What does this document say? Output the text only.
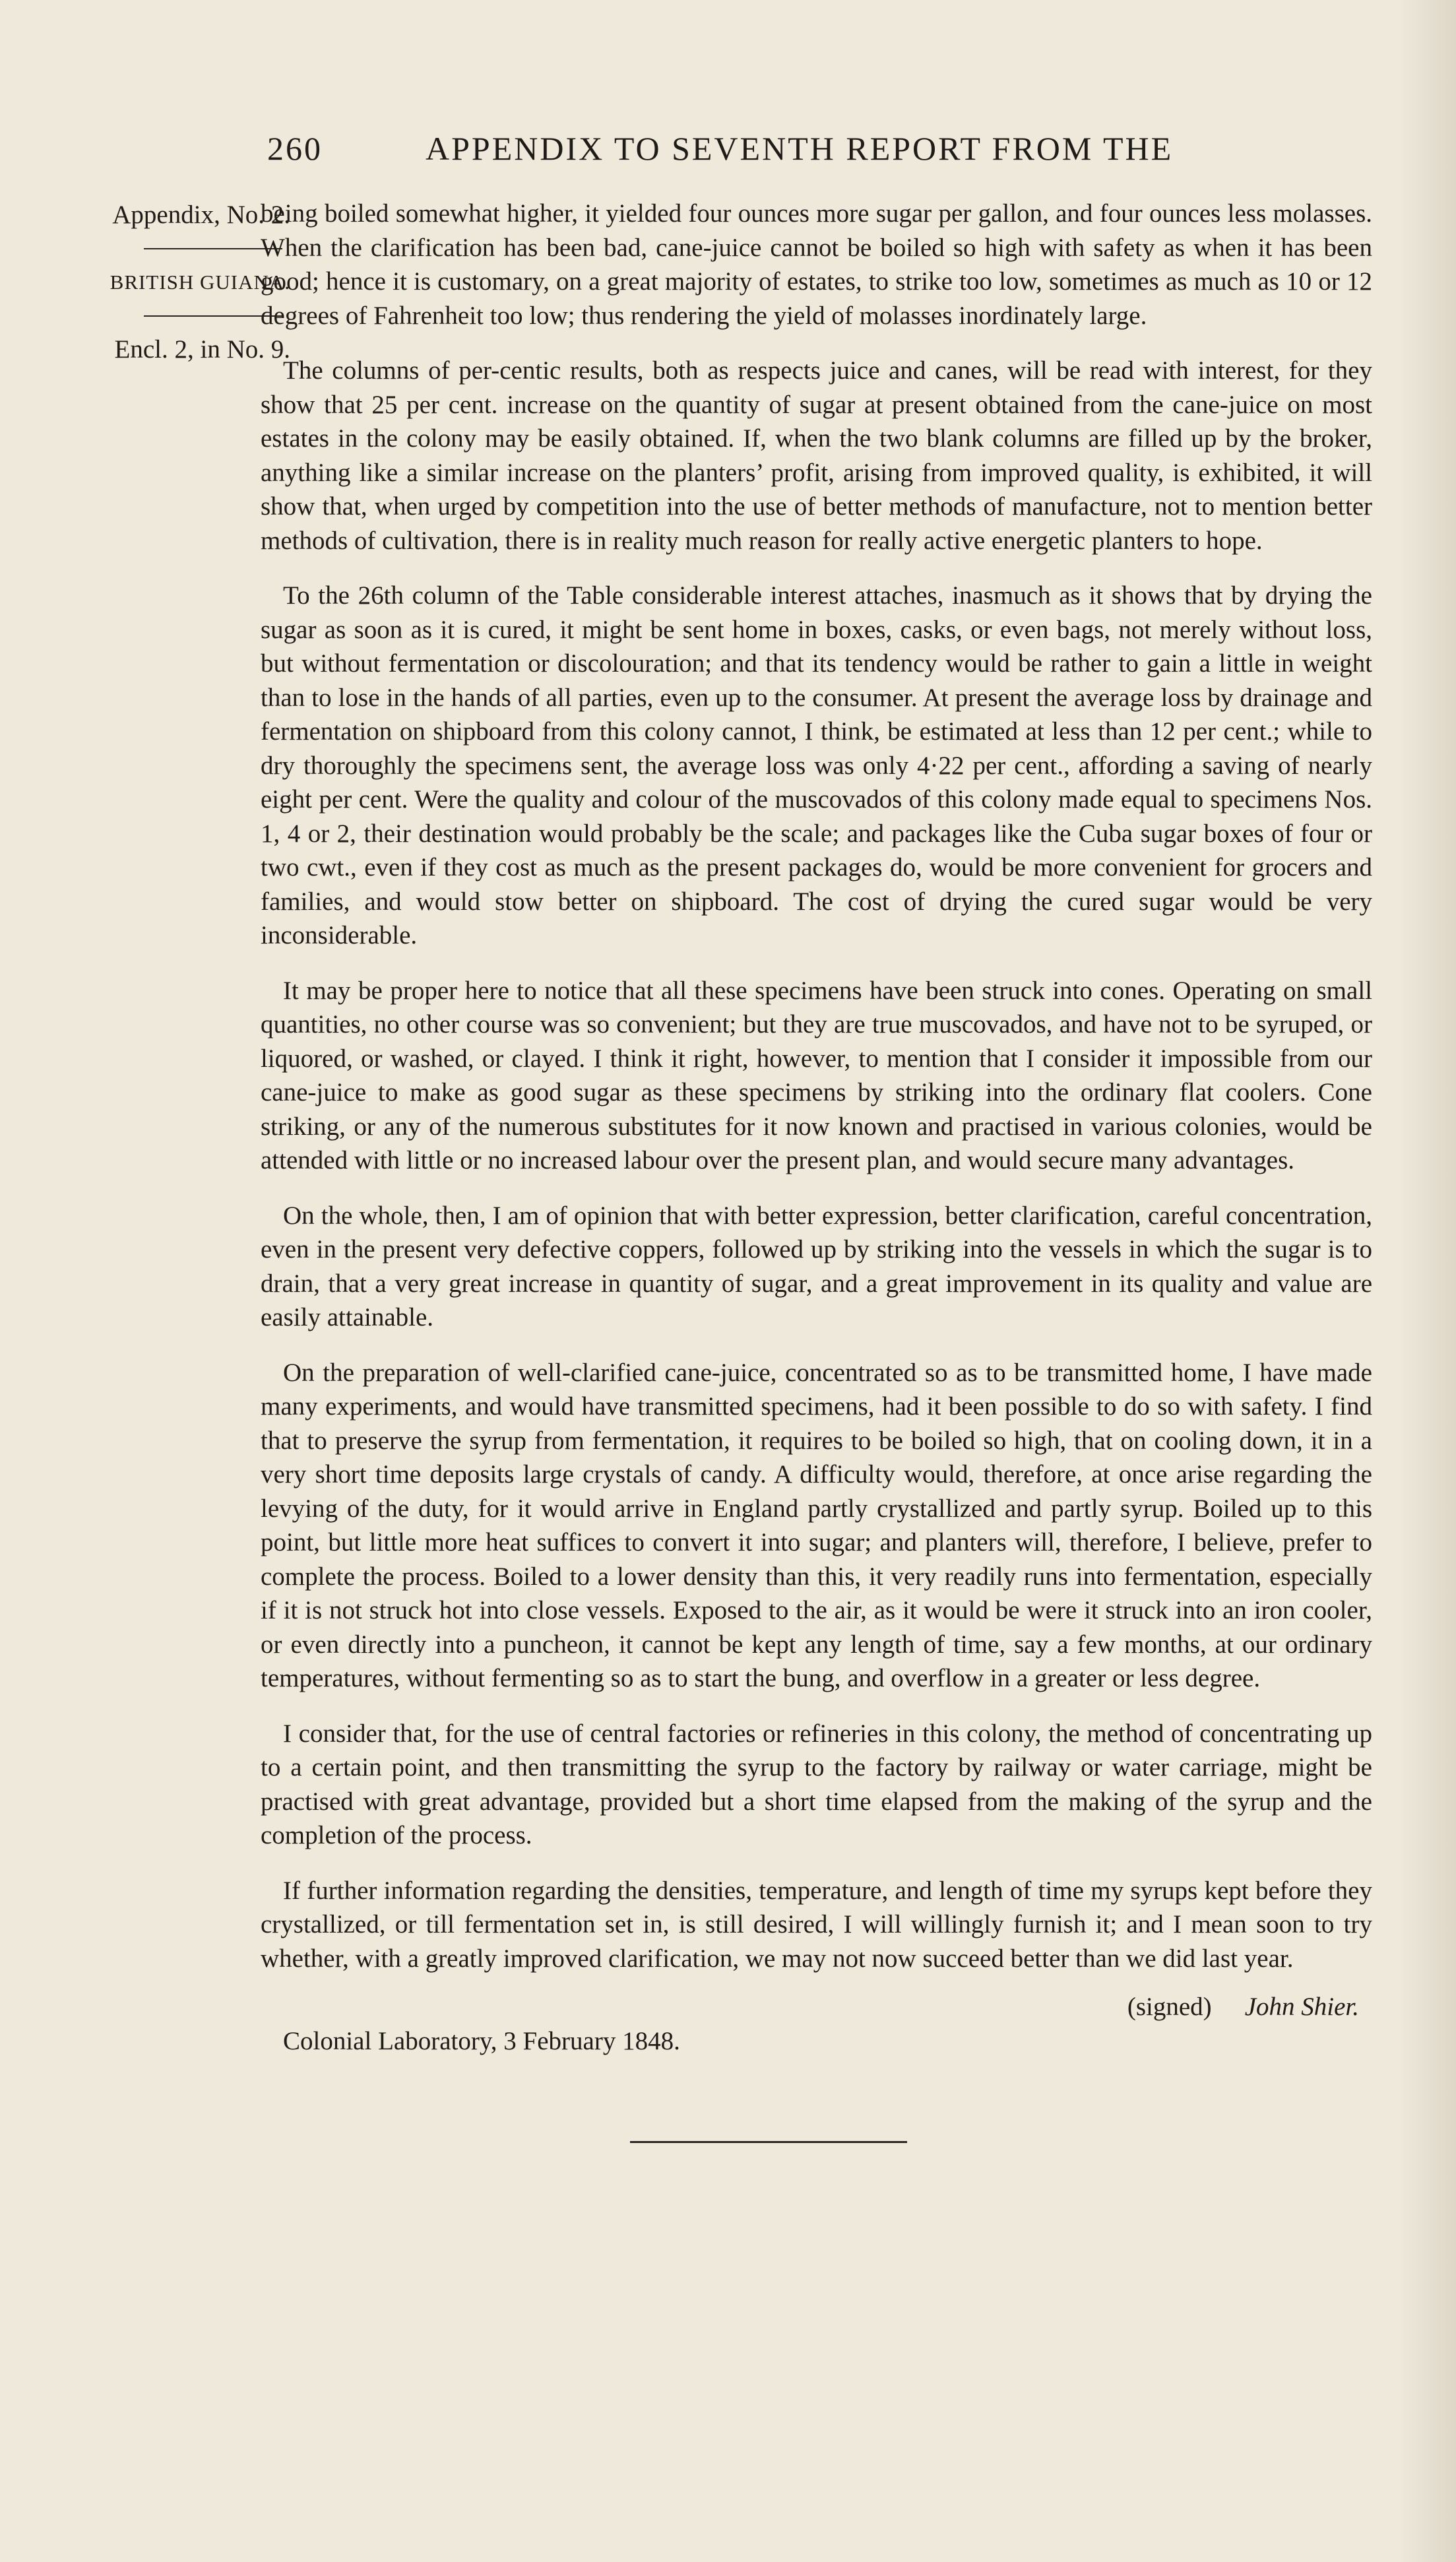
260	APPENDIX TO SEVENTH REPORT FROM THE
Appendix, No. 2.
BRITISH GUIANA.
Encl. 2, in No. 9.

being boiled somewhat higher, it yielded four ounces more sugar per gallon, and four ounces less molasses. When the clarification has been bad, cane-juice cannot be boiled so high with safety as when it has been good; hence it is customary, on a great majority of estates, to strike too low, sometimes as much as 10 or 12 degrees of Fahrenheit too low; thus rendering the yield of molasses inordinately large.

The columns of per-centic results, both as respects juice and canes, will be read with interest, for they show that 25 per cent. increase on the quantity of sugar at present obtained from the cane-juice on most estates in the colony may be easily obtained. If, when the two blank columns are filled up by the broker, anything like a similar increase on the planters’ profit, arising from improved quality, is exhibited, it will show that, when urged by competition into the use of better methods of manufacture, not to mention better methods of cultivation, there is in reality much reason for really active energetic planters to hope.

To the 26th column of the Table considerable interest attaches, inasmuch as it shows that by drying the sugar as soon as it is cured, it might be sent home in boxes, casks, or even bags, not merely without loss, but without fermentation or discolouration; and that its tendency would be rather to gain a little in weight than to lose in the hands of all parties, even up to the consumer. At present the average loss by drainage and fermentation on shipboard from this colony cannot, I think, be estimated at less than 12 per cent.; while to dry thoroughly the specimens sent, the average loss was only 4·22 per cent., affording a saving of nearly eight per cent. Were the quality and colour of the muscovados of this colony made equal to specimens Nos. 1, 4 or 2, their destination would probably be the scale; and packages like the Cuba sugar boxes of four or two cwt., even if they cost as much as the present packages do, would be more convenient for grocers and families, and would stow better on shipboard. The cost of drying the cured sugar would be very inconsiderable.

It may be proper here to notice that all these specimens have been struck into cones. Operating on small quantities, no other course was so convenient; but they are true muscovados, and have not to be syruped, or liquored, or washed, or clayed. I think it right, however, to mention that I consider it impossible from our cane-juice to make as good sugar as these specimens by striking into the ordinary flat coolers. Cone striking, or any of the numerous substitutes for it now known and practised in various colonies, would be attended with little or no increased labour over the present plan, and would secure many advantages.

On the whole, then, I am of opinion that with better expression, better clarification, careful concentration, even in the present very defective coppers, followed up by striking into the vessels in which the sugar is to drain, that a very great increase in quantity of sugar, and a great improvement in its quality and value are easily attainable.

On the preparation of well-clarified cane-juice, concentrated so as to be transmitted home, I have made many experiments, and would have transmitted specimens, had it been possible to do so with safety. I find that to preserve the syrup from fermentation, it requires to be boiled so high, that on cooling down, it in a very short time deposits large crystals of candy. A difficulty would, therefore, at once arise regarding the levying of the duty, for it would arrive in England partly crystallized and partly syrup. Boiled up to this point, but little more heat suffices to convert it into sugar; and planters will, therefore, I believe, prefer to complete the process. Boiled to a lower density than this, it very readily runs into fermentation, especially if it is not struck hot into close vessels. Exposed to the air, as it would be were it struck into an iron cooler, or even directly into a puncheon, it cannot be kept any length of time, say a few months, at our ordinary temperatures, without fermenting so as to start the bung, and overflow in a greater or less degree.

I consider that, for the use of central factories or refineries in this colony, the method of concentrating up to a certain point, and then transmitting the syrup to the factory by railway or water carriage, might be practised with great advantage, provided but a short time elapsed from the making of the syrup and the completion of the process.

If further information regarding the densities, temperature, and length of time my syrups kept before they crystallized, or till fermentation set in, is still desired, I will willingly furnish it; and I mean soon to try whether, with a greatly improved clarification, we may not now succeed better than we did last year.

(signed) John Shier.

Colonial Laboratory, 3 February 1848.
